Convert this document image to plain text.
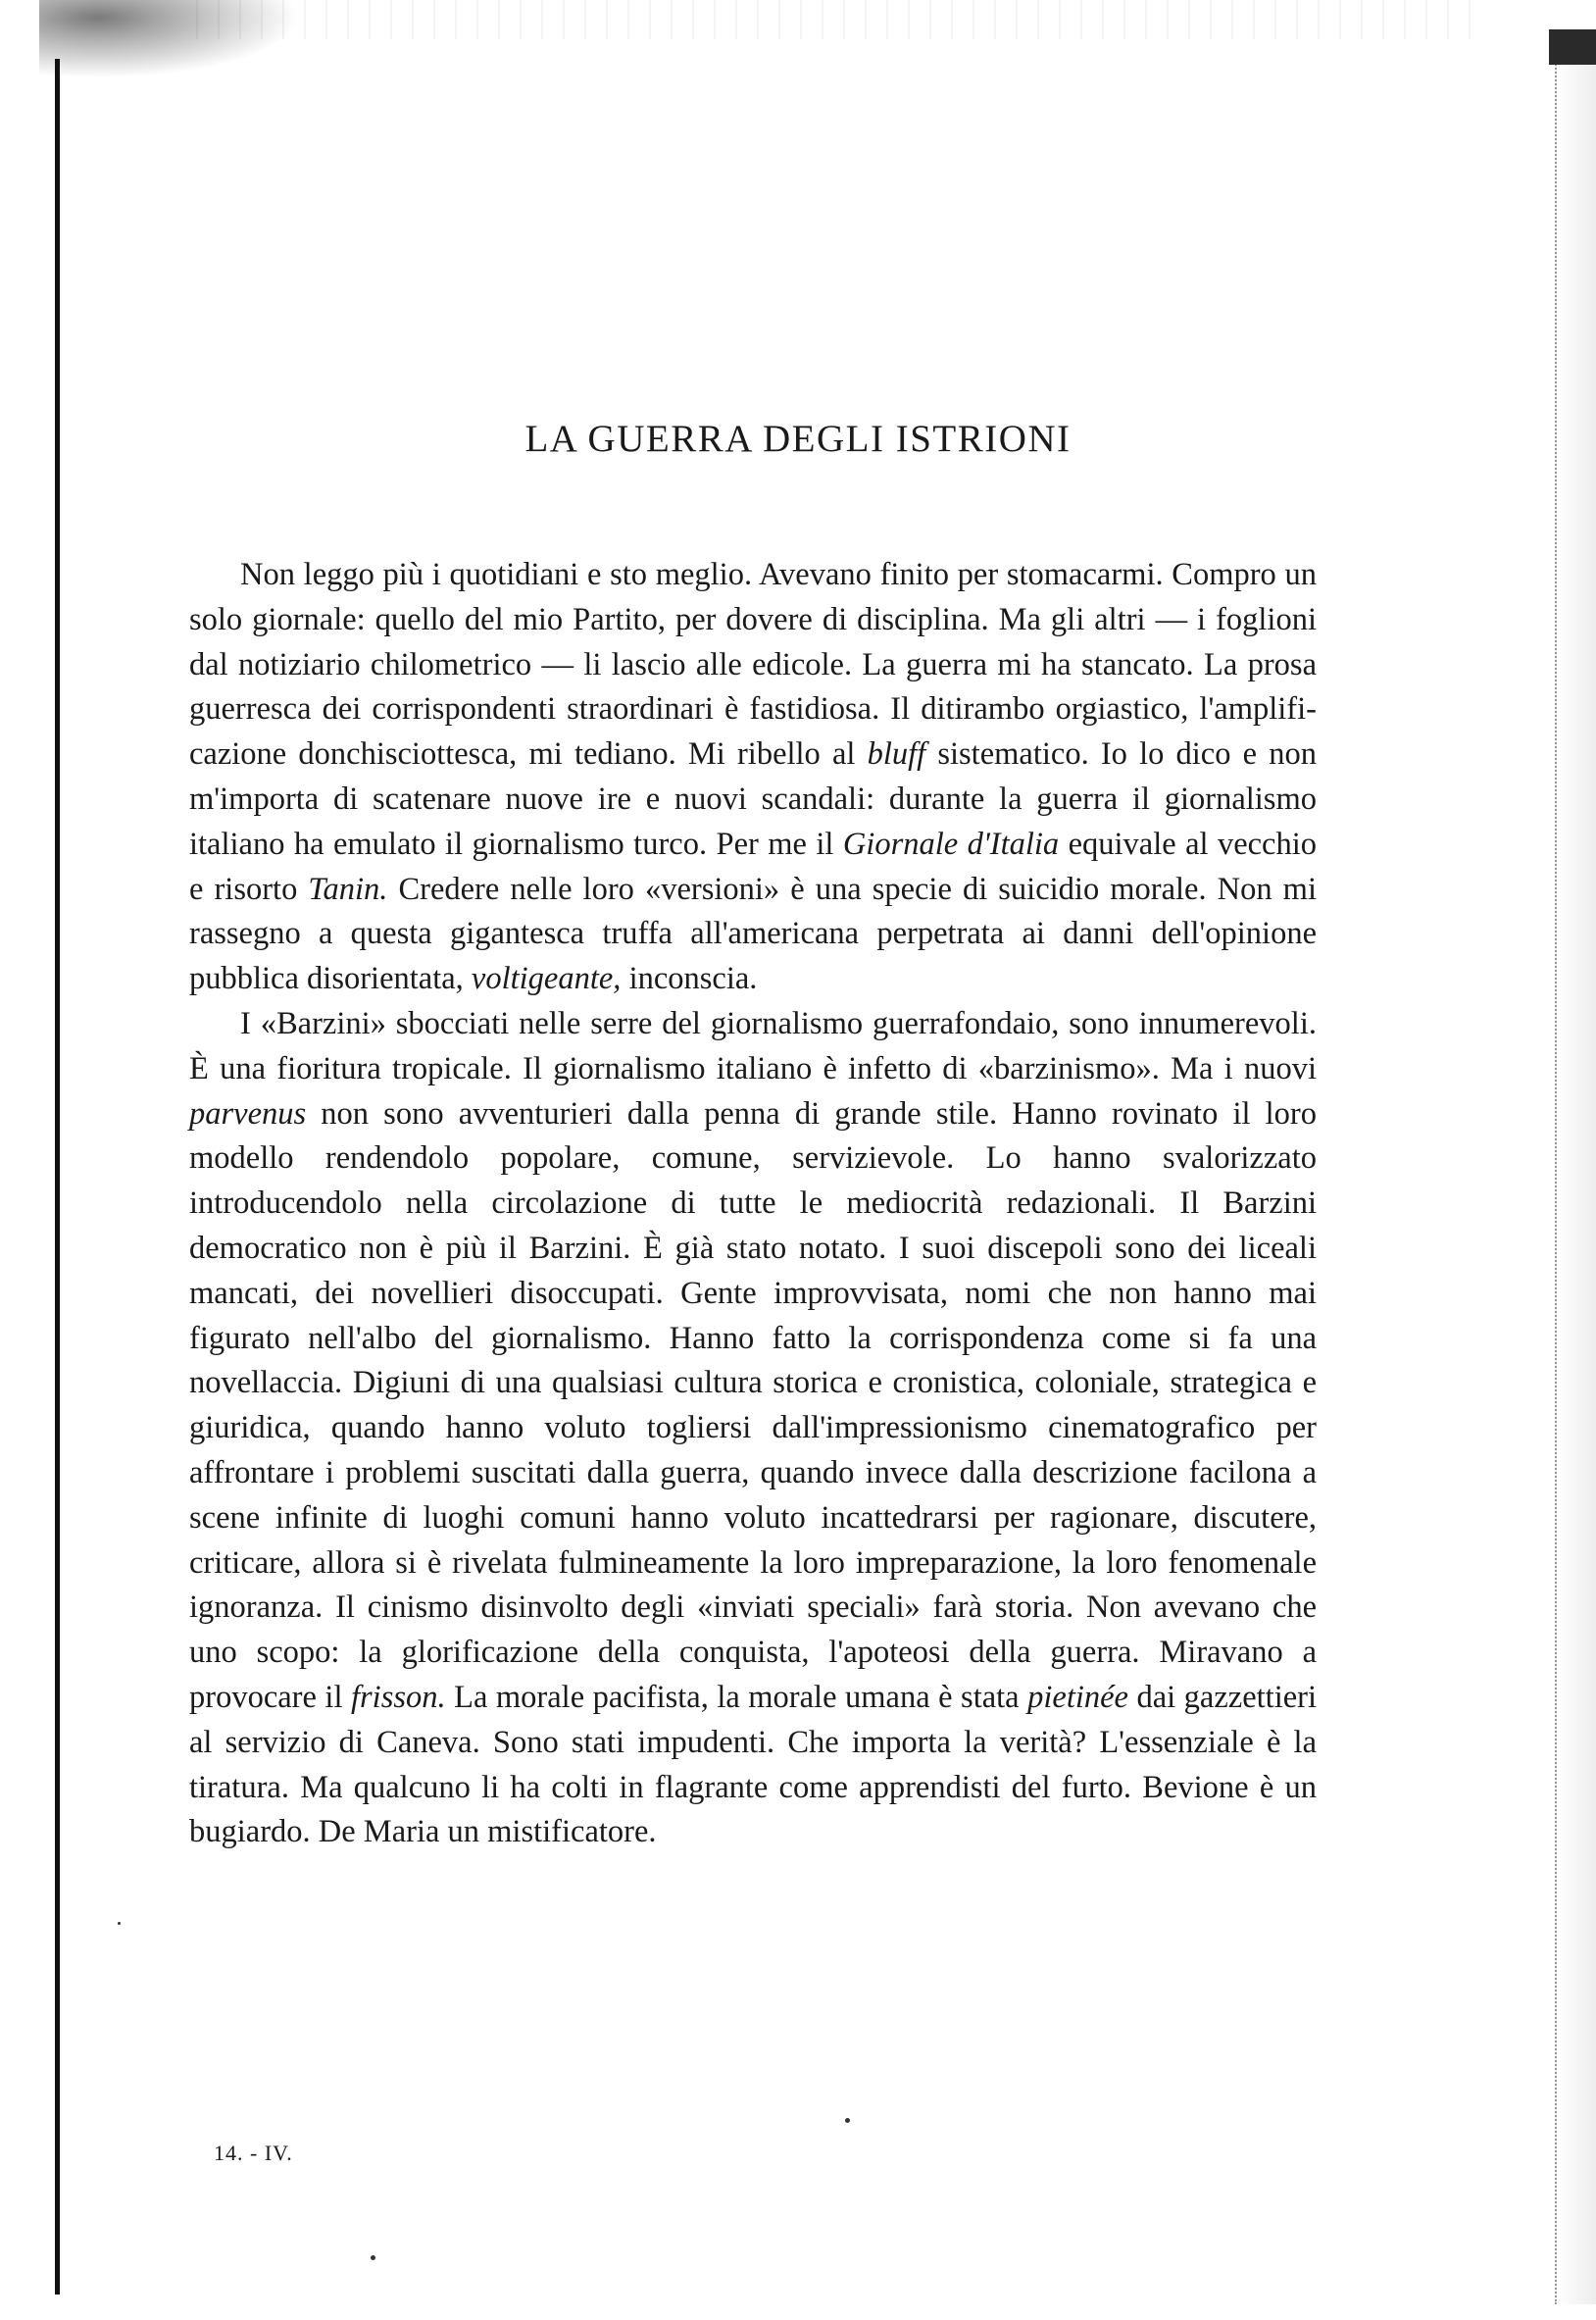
LA GUERRA DEGLI ISTRIONI

Non leggo più i quotidiani e sto meglio. Avevano finito per stomacarmi. Compro un solo giornale: quello del mio Partito, per dovere di disciplina. Ma gli altri — i foglioni dal notiziario chilometrico — li lascio alle edicole. La guerra mi ha stancato. La prosa guerresca dei corrispondenti straordinari è fastidiosa. Il ditirambo orgiastico, l'amplificazione donchisciottesca, mi tediano. Mi ribello al bluff sistematico. Io lo dico e non m'importa di scatenare nuove ire e nuovi scandali: durante la guerra il giornalismo italiano ha emulato il giornalismo turco. Per me il Giornale d'Italia equivale al vecchio e risorto Tanin. Credere nelle loro «versioni» è una specie di suicidio morale. Non mi rassegno a questa gigantesca truffa all'americana perpetrata ai danni dell'opinione pubblica disorientata, voltigeante, inconscia.

I «Barzini» sbocciati nelle serre del giornalismo guerrafondaio, sono innumerevoli. È una fioritura tropicale. Il giornalismo italiano è infetto di «barzinismo». Ma i nuovi parvenus non sono avventurieri dalla penna di grande stile. Hanno rovinato il loro modello rendendolo popolare, comune, servizievole. Lo hanno svalorizzato introducendolo nella circolazione di tutte le mediocrità redazionali. Il Barzini democratico non è più il Barzini. È già stato notato. I suoi discepoli sono dei liceali mancati, dei novellieri disoccupati. Gente improvvisata, nomi che non hanno mai figurato nell'albo del giornalismo. Hanno fatto la corrispondenza come si fa una novellaccia. Digiuni di una qualsiasi cultura storica e cronistica, coloniale, strategica e giuridica, quando hanno voluto togliersi dall'impressionismo cinematografico per affrontare i problemi suscitati dalla guerra, quando invece dalla descrizione facilona a scene infinite di luoghi comuni hanno voluto incattedrarsi per ragionare, discutere, criticare, allora si è rivelata fulmineamente la loro impreparazione, la loro fenomenale ignoranza. Il cinismo disinvolto degli «inviati speciali» farà storia. Non avevano che uno scopo: la glorificazione della conquista, l'apoteosi della guerra. Miravano a provocare il frisson. La morale pacifista, la morale umana è stata pietinée dai gazzettieri al servizio di Caneva. Sono stati impudenti. Che importa la verità? L'essenziale è la tiratura. Ma qualcuno li ha colti in flagrante come apprendisti del furto. Bevione è un bugiardo. De Maria un mistificatore.

14. - IV.
